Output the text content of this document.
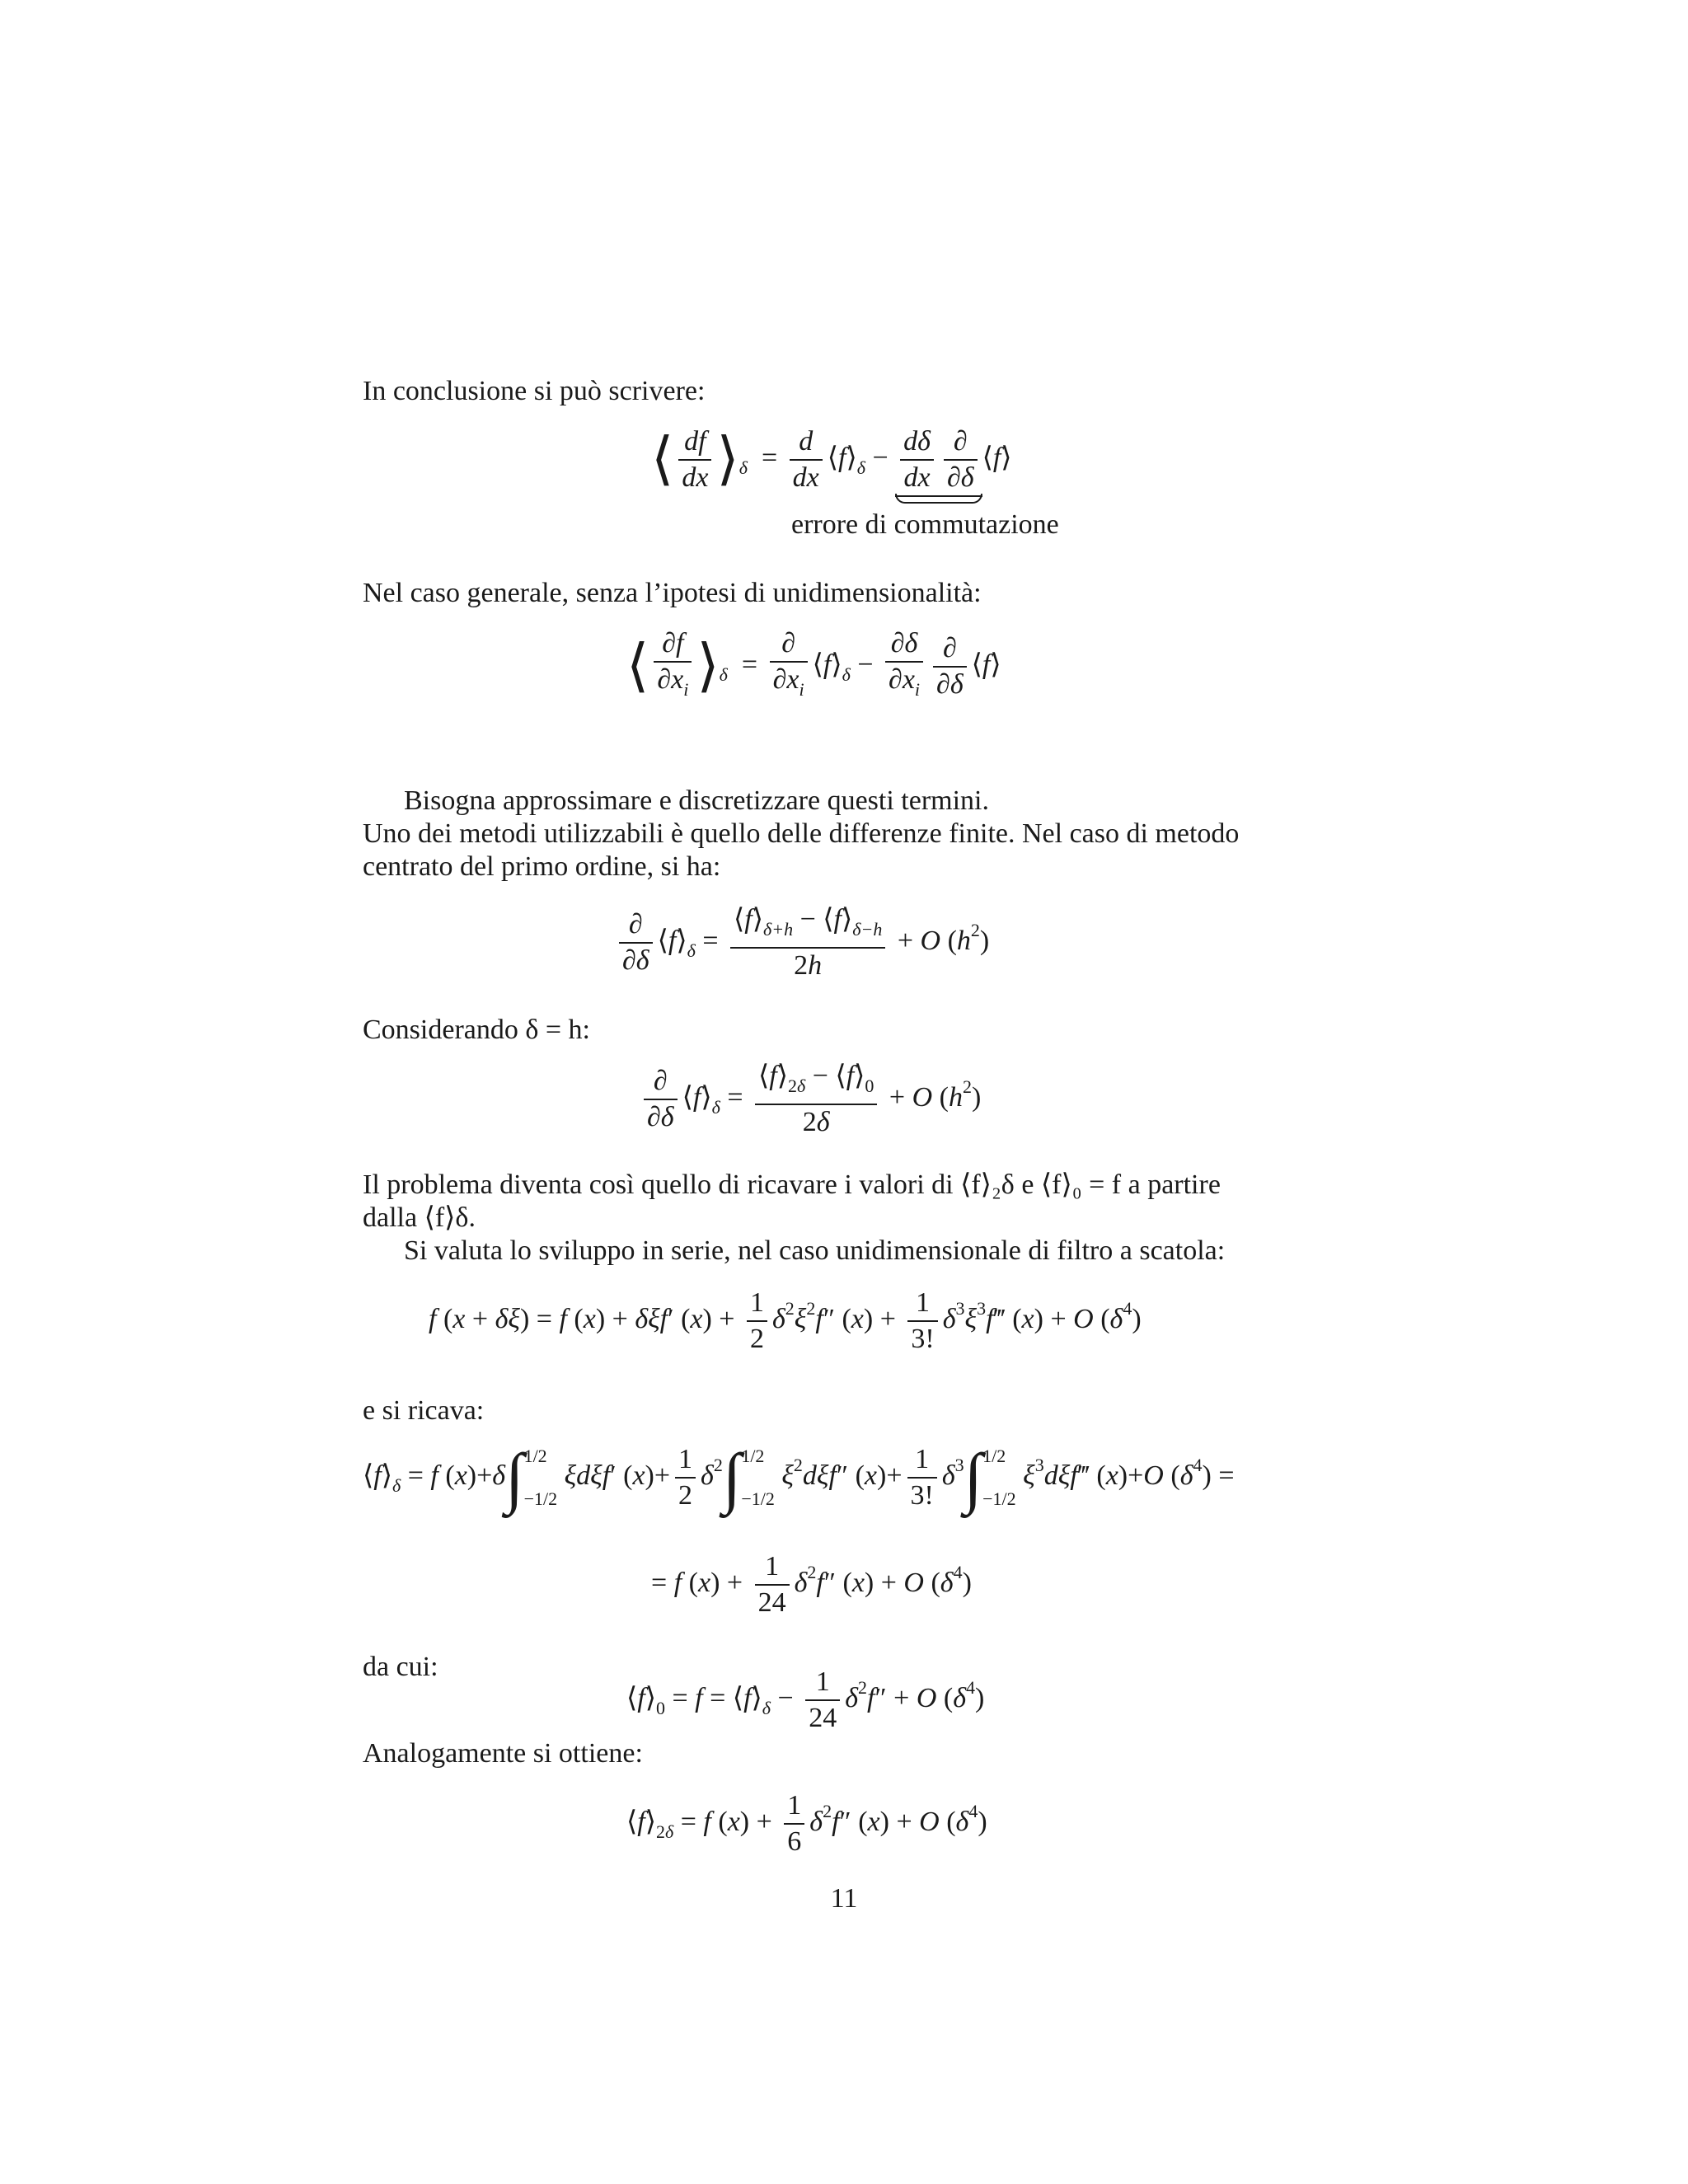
In conclusione si può scrivere:
⟨ $\frac{df}{dx}$ $⟩_\delta = \frac{d}{dx}$ $⟨f⟩_\delta - \frac{d\delta}{dx} \frac{\partial}{\partial\delta}$ ⟨f⟩
errore di commutazione
Nel caso generale, senza l’ipotesi di unidimensionalità:
⟨ $\frac{\partial f}{\partial x_i}$ $⟩_\delta = \frac{\partial}{\partial x_i}$ $⟨f⟩_\delta - \frac{\partial\delta}{\partial x_i} \frac{\partial}{\partial\delta}$ ⟨f⟩
Bisogna approssimare e discretizzare questi termini.
Uno dei metodi utilizzabili è quello delle differenze finite. Nel caso di metodo
centrato del primo ordine, si ha:
$\frac{\partial}{\partial\delta}$ $⟨f⟩_\delta = \frac{⟨f⟩_{\delta+h} - ⟨f⟩_{\delta-h}}{2h} + O$ $(h^2)$
Considerando δ = h:
$\frac{\partial}{\partial\delta}$ $⟨f⟩_\delta = \frac{⟨f⟩_{2\delta} - ⟨f⟩_0}{2\delta} + O$ $(h^2)$
Il problema diventa così quello di ricavare i valori di ⟨f⟩₂δ e ⟨f⟩₀ = f a partire
dalla ⟨f⟩δ.
Si valuta lo sviluppo in serie, nel caso unidimensionale di filtro a scatola:
f (x + δξ) = f (x) + δξf′ $(x) + \frac{1}{2} \delta^2\xi^2f''$ $(x) + \frac{1}{3!}$ $\delta^3\xi^3f‴$ (x) + O $(\delta^4)$
e si ricava:
$⟨f⟩_\delta = f$ (x)+δ∫ 1/2
−1/2
ξdξf′ $(x)+ \frac{1}{2} \delta^2\int$ 1/2
−1/2
$\xi^2d\xi f''$ $(x)+ \frac{1}{3!} \delta^3\int$ 1/2
−1/2
$\xi^3d\xi f‴$ (x)+O $(\delta^4)$ =
= f $(x) + \frac{1}{24} \delta^2f''$ (x) + O $(\delta^4)$
da cui:
$⟨f⟩_0 = f$ = $⟨f⟩_\delta - \frac{1}{24} \delta^2f'' + O$ $(\delta^4)$
Analogamente si ottiene:
$⟨f⟩_{2\delta} = f$ $(x) + \frac{1}{6} \delta^2f''$ (x) + O $(\delta^4)$
11
